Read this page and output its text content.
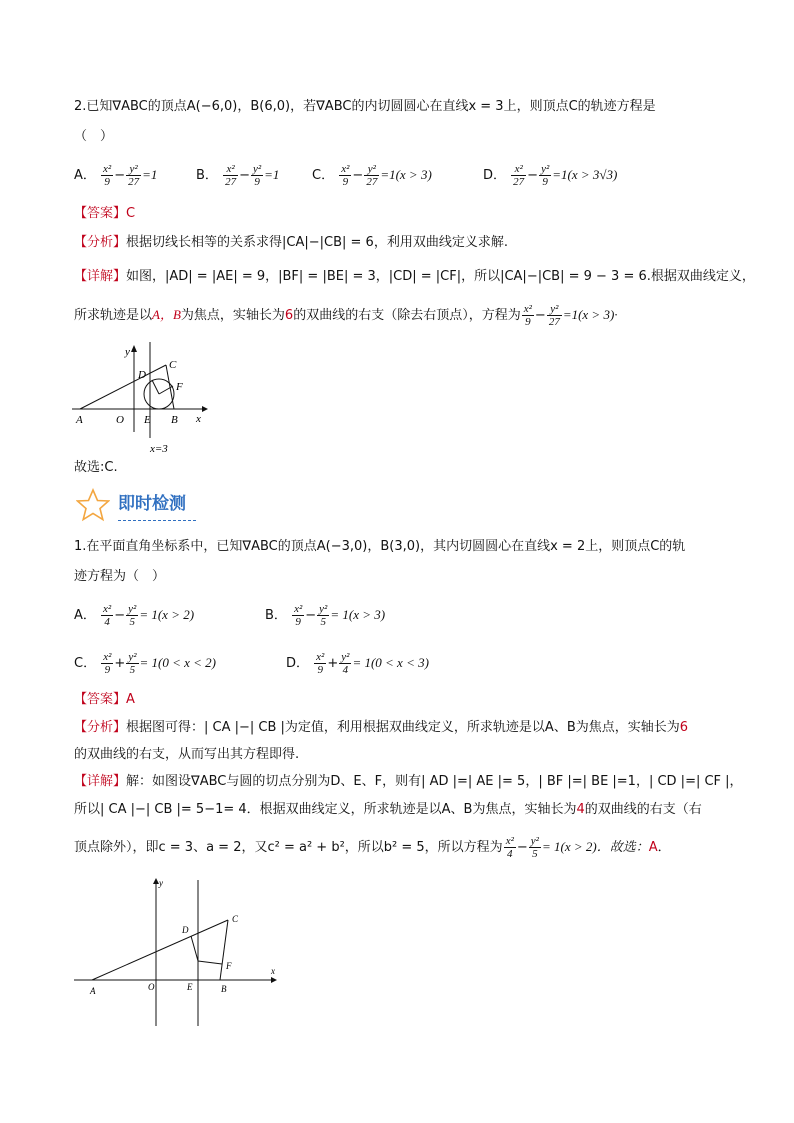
2.已知∇ABC的顶点A(−6,0)，B(6,0)，若∇ABC的内切圆圆心在直线x = 3上，则顶点C的轨迹方程是
（　）
A． $\frac{\text{x²}}{9} - \frac{\text{y²}}{27} =1$	B． $\frac{\text{x²}}{27} - \frac{\text{y²}}{9} =1$	C． $\frac{\text{x²}}{9} - \frac{\text{y²}}{27} =1(x > 3)$	D． $\frac{\text{x²}}{27} - \frac{\text{y²}}{9} =1(x > 3√3)$
【答案】C
【分析】根据切线长相等的关系求得|CA|−|CB| = 6，利用双曲线定义求解.
【详解】如图，|AD| = |AE| = 9，|BF| = |BE| = 3，|CD| = |CF|，所以|CA|−|CB| = 9 − 3 = 6.根据双曲线定义，
所求轨迹是以A，B为焦点，实轴长为6的双曲线的右支（除去右顶点），方程为 $\frac{\text{x²}}{9} - \frac{\text{y²}}{27} =1(x > 3)\cdot$
y
x
A	O E B
C
D
F
x=3
故选:C.
即时检测
1.在平面直角坐标系中，已知∇ABC的顶点A(−3,0)，B(3,0)，其内切圆圆心在直线x = 2上，则顶点C的轨
迹方程为（　）
A． $\frac{\text{x²}}{4} - \frac{\text{y²}}{5} = 1(x > 2)$	B． $\frac{\text{x²}}{9} - \frac{\text{y²}}{5} = 1(x > 3)$
C． $\frac{\text{x²}}{9} + \frac{\text{y²}}{5} = 1(0 < x < 2)$	D． $\frac{\text{x²}}{9} + \frac{\text{y²}}{4} = 1(0 < x < 3)$
【答案】A
【分析】根据图可得：| CA |−| CB |为定值，利用根据双曲线定义，所求轨迹是以A、B为焦点，实轴长为6
的双曲线的右支，从而写出其方程即得.
【详解】解：如图设∇ABC与圆的切点分别为D、E、F，则有| AD |=| AE |= 5，| BF |=| BE |=1，| CD |=| CF |，
所以| CA |−| CB |= 5−1= 4．根据双曲线定义，所求轨迹是以A、B为焦点，实轴长为4的双曲线的右支（右
顶点除外），即c = 3、a = 2，又c² = a² + b²，所以b² = 5，所以方程为 $\frac{\text{x²}}{4} - \frac{\text{y²}}{5} = 1(x > 2)$．故选：A．
y
x
A	O	E	B
C
D
F
